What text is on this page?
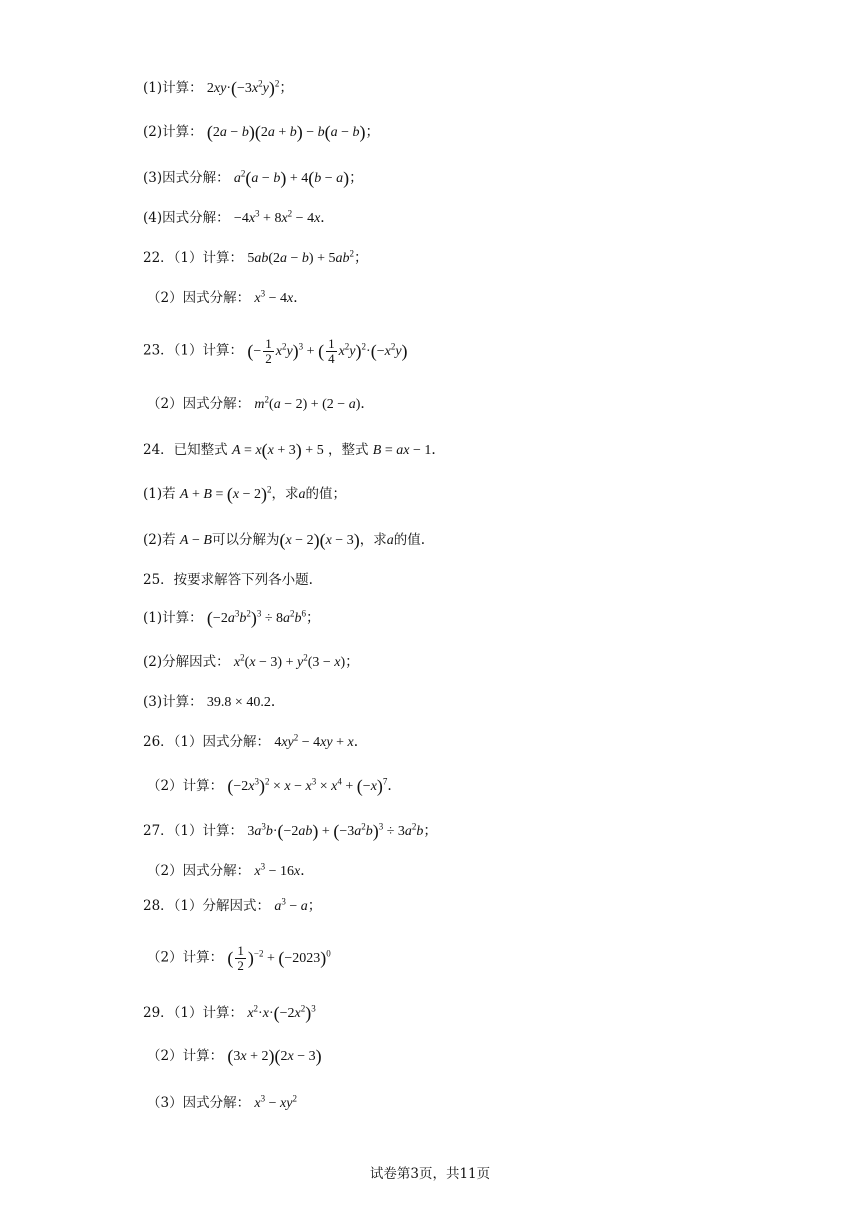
(1)计算： $2xy\cdot(-3x^2y)^2$；
(2)计算： (2a − b)(2a + b) − b(a − b)；
(3)因式分解： $a^2(a - b) + 4(b - a)$；
(4)因式分解： $-4x^3 + 8x^2 - 4x$．
22．（1）计算： $5ab(2a - b) + 5ab^2$；
（2）因式分解： $x^3 - 4x$．
23．（1）计算： (− $\frac{1}{2} x^2y)^3$ + ( $\frac{1}{4} x^2y)^2\cdot(-x^2y)$
（2）因式分解： $m^2(a - 2) + (2 - a)$．
24．已知整式 A = x(x + 3) + 5 ，整式 B = ax − 1．
(1)若 $A + B = (x - 2)^2$，求a的值；
(2)若 A − B可以分解为(x − 2)(x − 3)，求a的值.
25．按要求解答下列各小题.
(1)计算： $(-2a^3b^2)^3 \div 8a^2b^6$；
(2)分解因式： $x^2(x - 3) + y^2(3 - x)$；
(3)计算： 39.8 × 40.2．
26．（1）因式分解： $4xy^2 - 4xy + x$．
（2）计算： $(-2x^3)^2 \times x - x^3 \times x^4 + (-x)^7$．
27．（1）计算： $3a^3b\cdot(-2ab) + (-3a^2b)^3 \div 3a^2b$；
（2）因式分解： $x^3 - 16x$．
28．（1）分解因式： $a^3 - a$；
（2）计算： ( $\frac{1}{2} )^{-2} + (-2023)^0$
29．（1）计算： $x^2\cdot x\cdot(-2x^2)^3$
（2）计算： (3x + 2)(2x − 3)
（3）因式分解： $x^3 - xy^2$
试卷第3页，共11页
